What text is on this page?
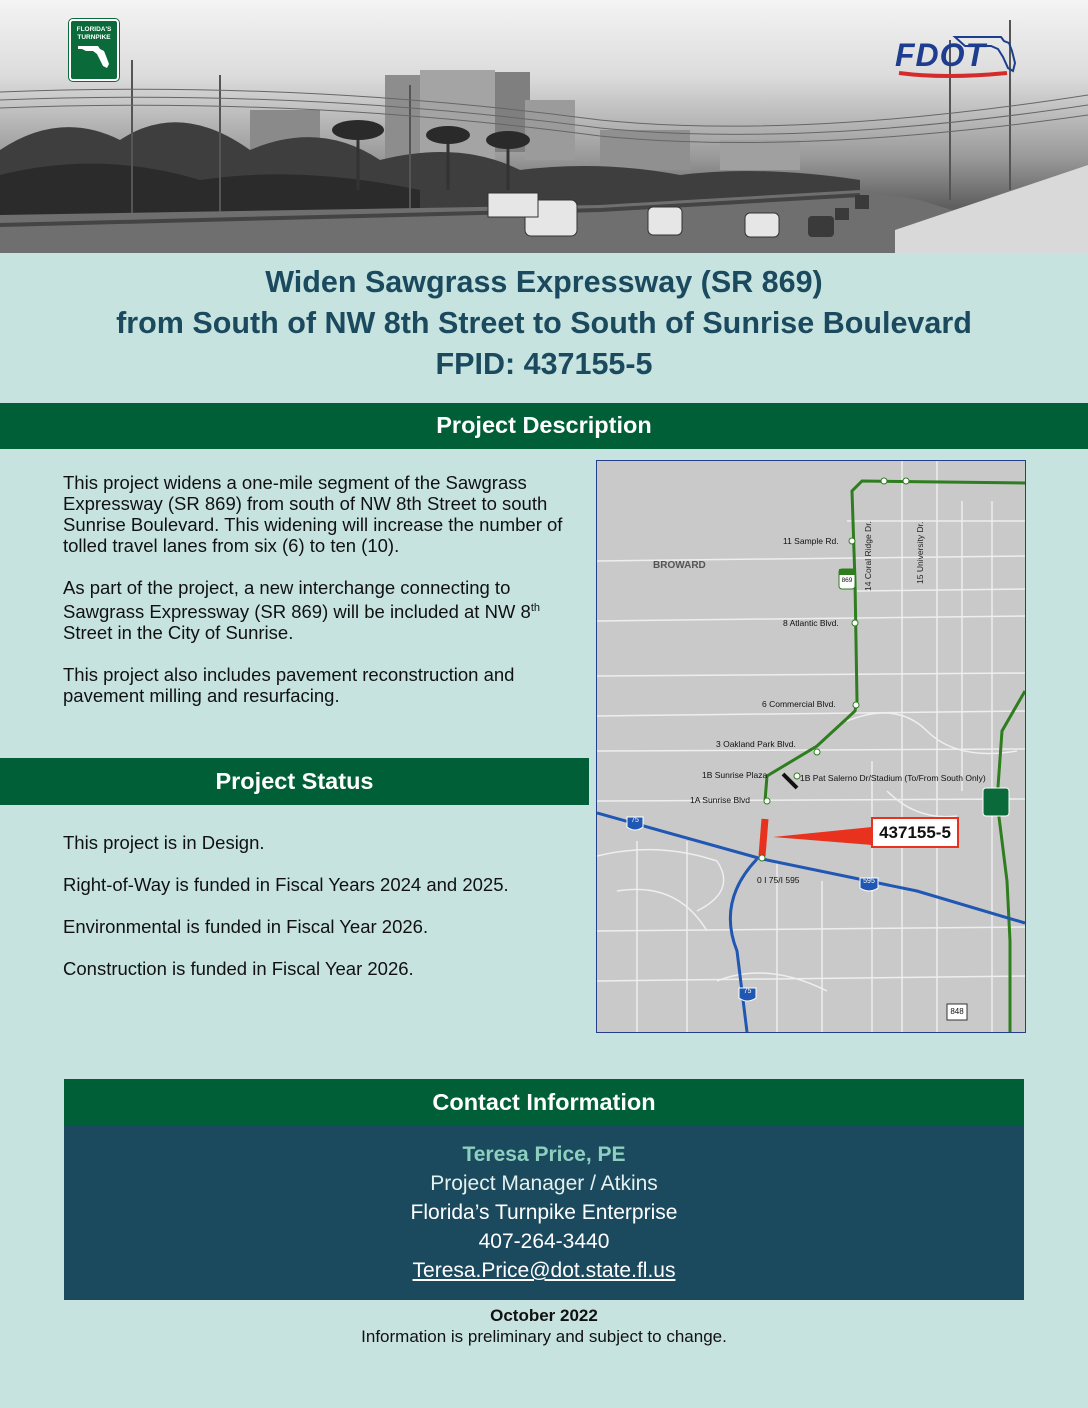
FLORIDA'S
TURNPIKE	FDOT
Widen Sawgrass Expressway (SR 869)
from South of NW 8th Street to South of Sunrise Boulevard
FPID: 437155-5
Project Description

This project widens a one-mile segment of the Sawgrass Expressway (SR 869) from south of NW 8th Street to south Sunrise Boulevard. This widening will increase the number of tolled travel lanes from six (6) to ten (10).

As part of the project, a new interchange connecting to Sawgrass Expressway (SR 869) will be included at NW 8th Street in the City of Sunrise.

This project also includes pavement reconstruction and pavement milling and resurfacing.

Project Status

This project is in Design.

Right-of-Way is funded in Fiscal Years 2024 and 2025.

Environmental is funded in Fiscal Year 2026.

Construction is funded in Fiscal Year 2026.

BROWARD	14 Coral Ridge Dr.	15 University Dr.
11 Sample Rd.
8 Atlantic Blvd.
6 Commercial Blvd.
3 Oakland Park Blvd.
1B Sunrise Plaza	1B Pat Salerno Dr/Stadium (To/From South Only)
1A Sunrise Blvd
0 I 75/I 595
869
75
595
75
848
437155-5
Contact Information
Teresa Price, PE
Project Manager / Atkins
Florida’s Turnpike Enterprise
407-264-3440
Teresa.Price@dot.state.fl.us
October 2022
Information is preliminary and subject to change.
